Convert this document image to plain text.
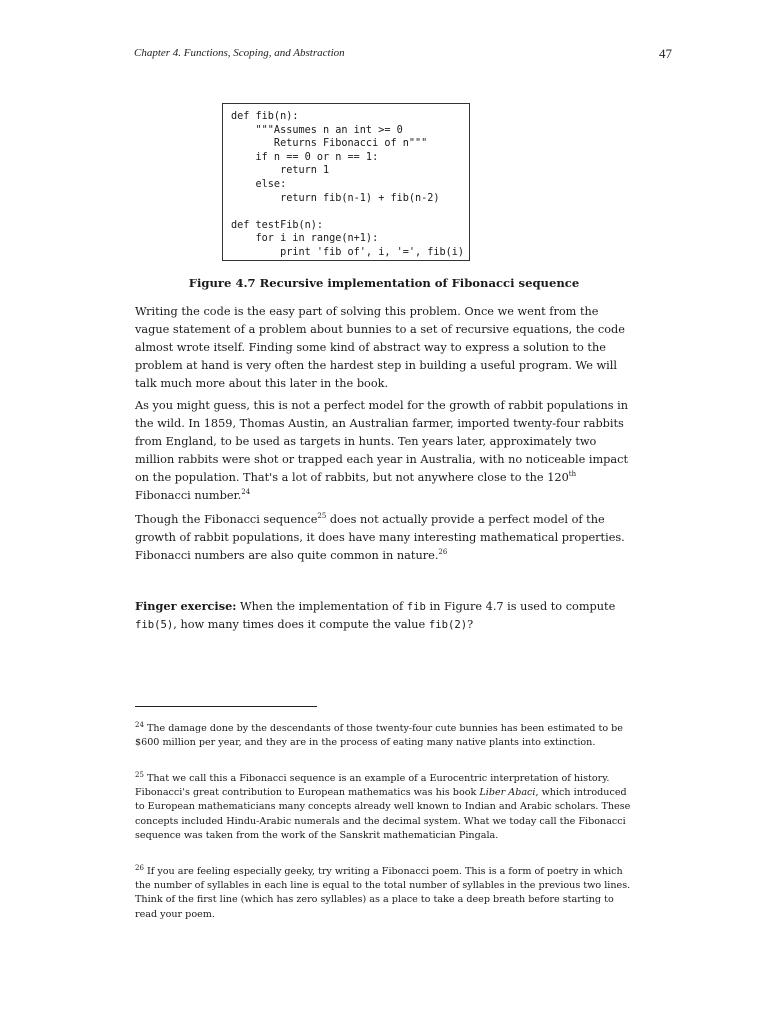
Chapter 4. Functions, Scoping, and Abstraction	47
def fib(n):
"""Assumes n an int >= 0
Returns Fibonacci of n"""
if n == 0 or n == 1:
return 1
else:
return fib(n-1) + fib(n-2)

def testFib(n):
for i in range(n+1):
print 'fib of', i, '=', fib(i)
Figure 4.7 Recursive implementation of Fibonacci sequence

Writing the code is the easy part of solving this problem. Once we went from the vague statement of a problem about bunnies to a set of recursive equations, the code almost wrote itself. Finding some kind of abstract way to express a solution to the problem at hand is very often the hardest step in building a useful program. We will talk much more about this later in the book.

As you might guess, this is not a perfect model for the growth of rabbit populations in the wild. In 1859, Thomas Austin, an Australian farmer, imported twenty-four rabbits from England, to be used as targets in hunts. Ten years later, approximately two million rabbits were shot or trapped each year in Australia, with no noticeable impact on the population. That's a lot of rabbits, but not anywhere close to the 120th Fibonacci number.$^{24}$

Though the Fibonacci sequence$^{25}$ does not actually provide a perfect model of the growth of rabbit populations, it does have many interesting mathematical properties. Fibonacci numbers are also quite common in nature.$^{26}$

Finger exercise: When the implementation of fib in Figure 4.7 is used to compute fib(5), how many times does it compute the value fib(2)?

$^{24}$ The damage done by the descendants of those twenty-four cute bunnies has been estimated to be $600 million per year, and they are in the process of eating many native plants into extinction.

$^{25}$ That we call this a Fibonacci sequence is an example of a Eurocentric interpretation of history. Fibonacci's great contribution to European mathematics was his book Liber Abaci, which introduced to European mathematicians many concepts already well known to Indian and Arabic scholars. These concepts included Hindu-Arabic numerals and the decimal system. What we today call the Fibonacci sequence was taken from the work of the Sanskrit mathematician Pingala.

$^{26}$ If you are feeling especially geeky, try writing a Fibonacci poem. This is a form of poetry in which the number of syllables in each line is equal to the total number of syllables in the previous two lines. Think of the first line (which has zero syllables) as a place to take a deep breath before starting to read your poem.
